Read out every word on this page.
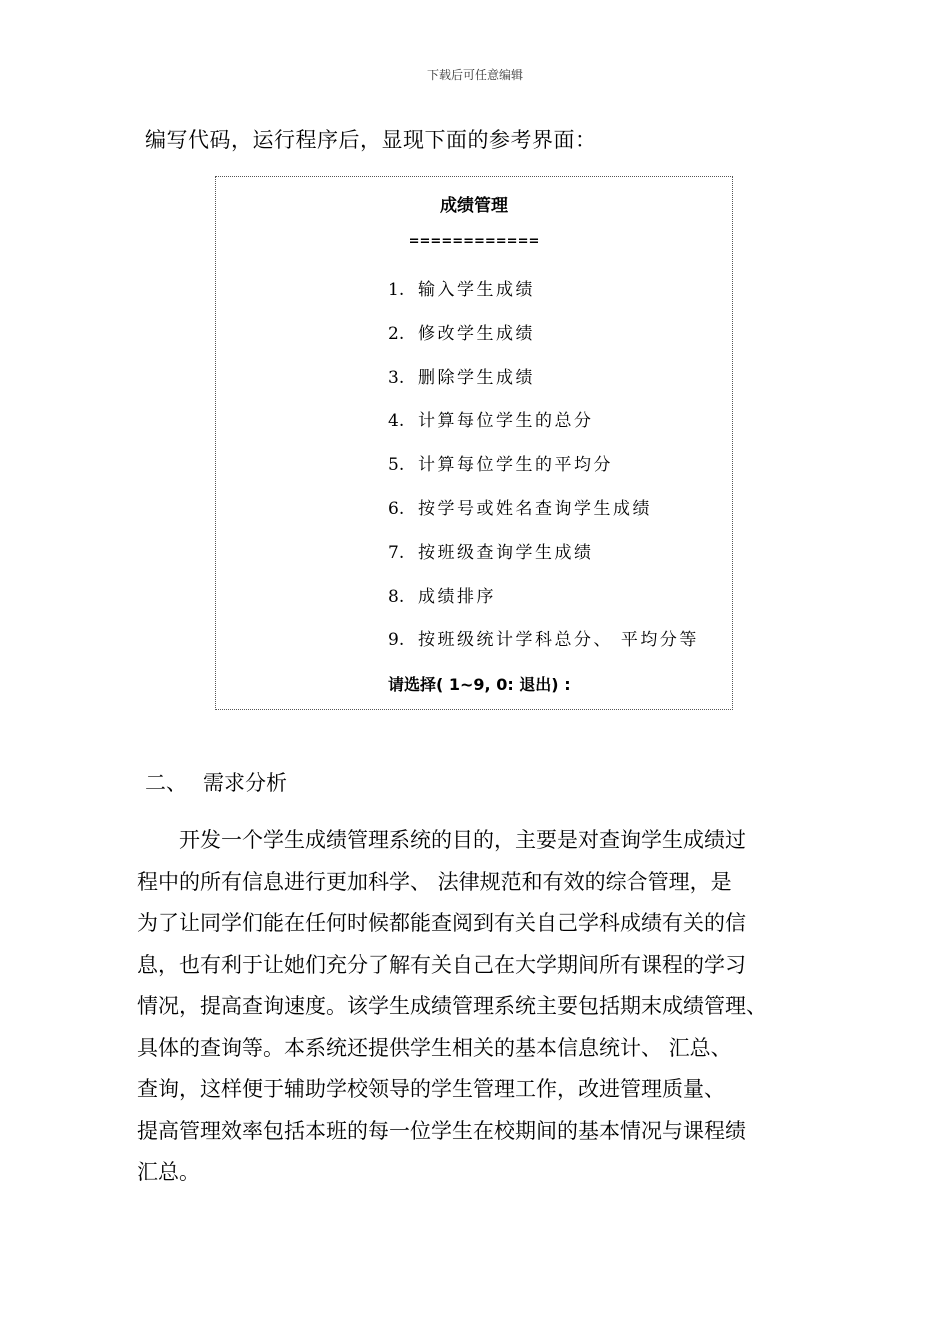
下载后可任意编辑
编写代码，运行程序后，显现下面的参考界面：
成绩管理
============
1. 输入学生成绩
2. 修改学生成绩
3. 删除学生成绩
4. 计算每位学生的总分
5. 计算每位学生的平均分
6. 按学号或姓名查询学生成绩
7. 按班级查询学生成绩
8. 成绩排序
9. 按班级统计学科总分、 平均分等
请选择( 1~9, 0: 退出) :
二、 需求分析

　　开发一个学生成绩管理系统的目的，主要是对查询学生成绩过
程中的所有信息进行更加科学、 法律规范和有效的综合管理，是
为了让同学们能在任何时候都能查阅到有关自己学科成绩有关的信
息，也有利于让她们充分了解有关自己在大学期间所有课程的学习
情况，提高查询速度。该学生成绩管理系统主要包括期末成绩管理、
具体的查询等。本系统还提供学生相关的基本信息统计、 汇总、
查询，这样便于辅助学校领导的学生管理工作，改进管理质量、
提高管理效率包括本班的每一位学生在校期间的基本情况与课程绩
汇总。
